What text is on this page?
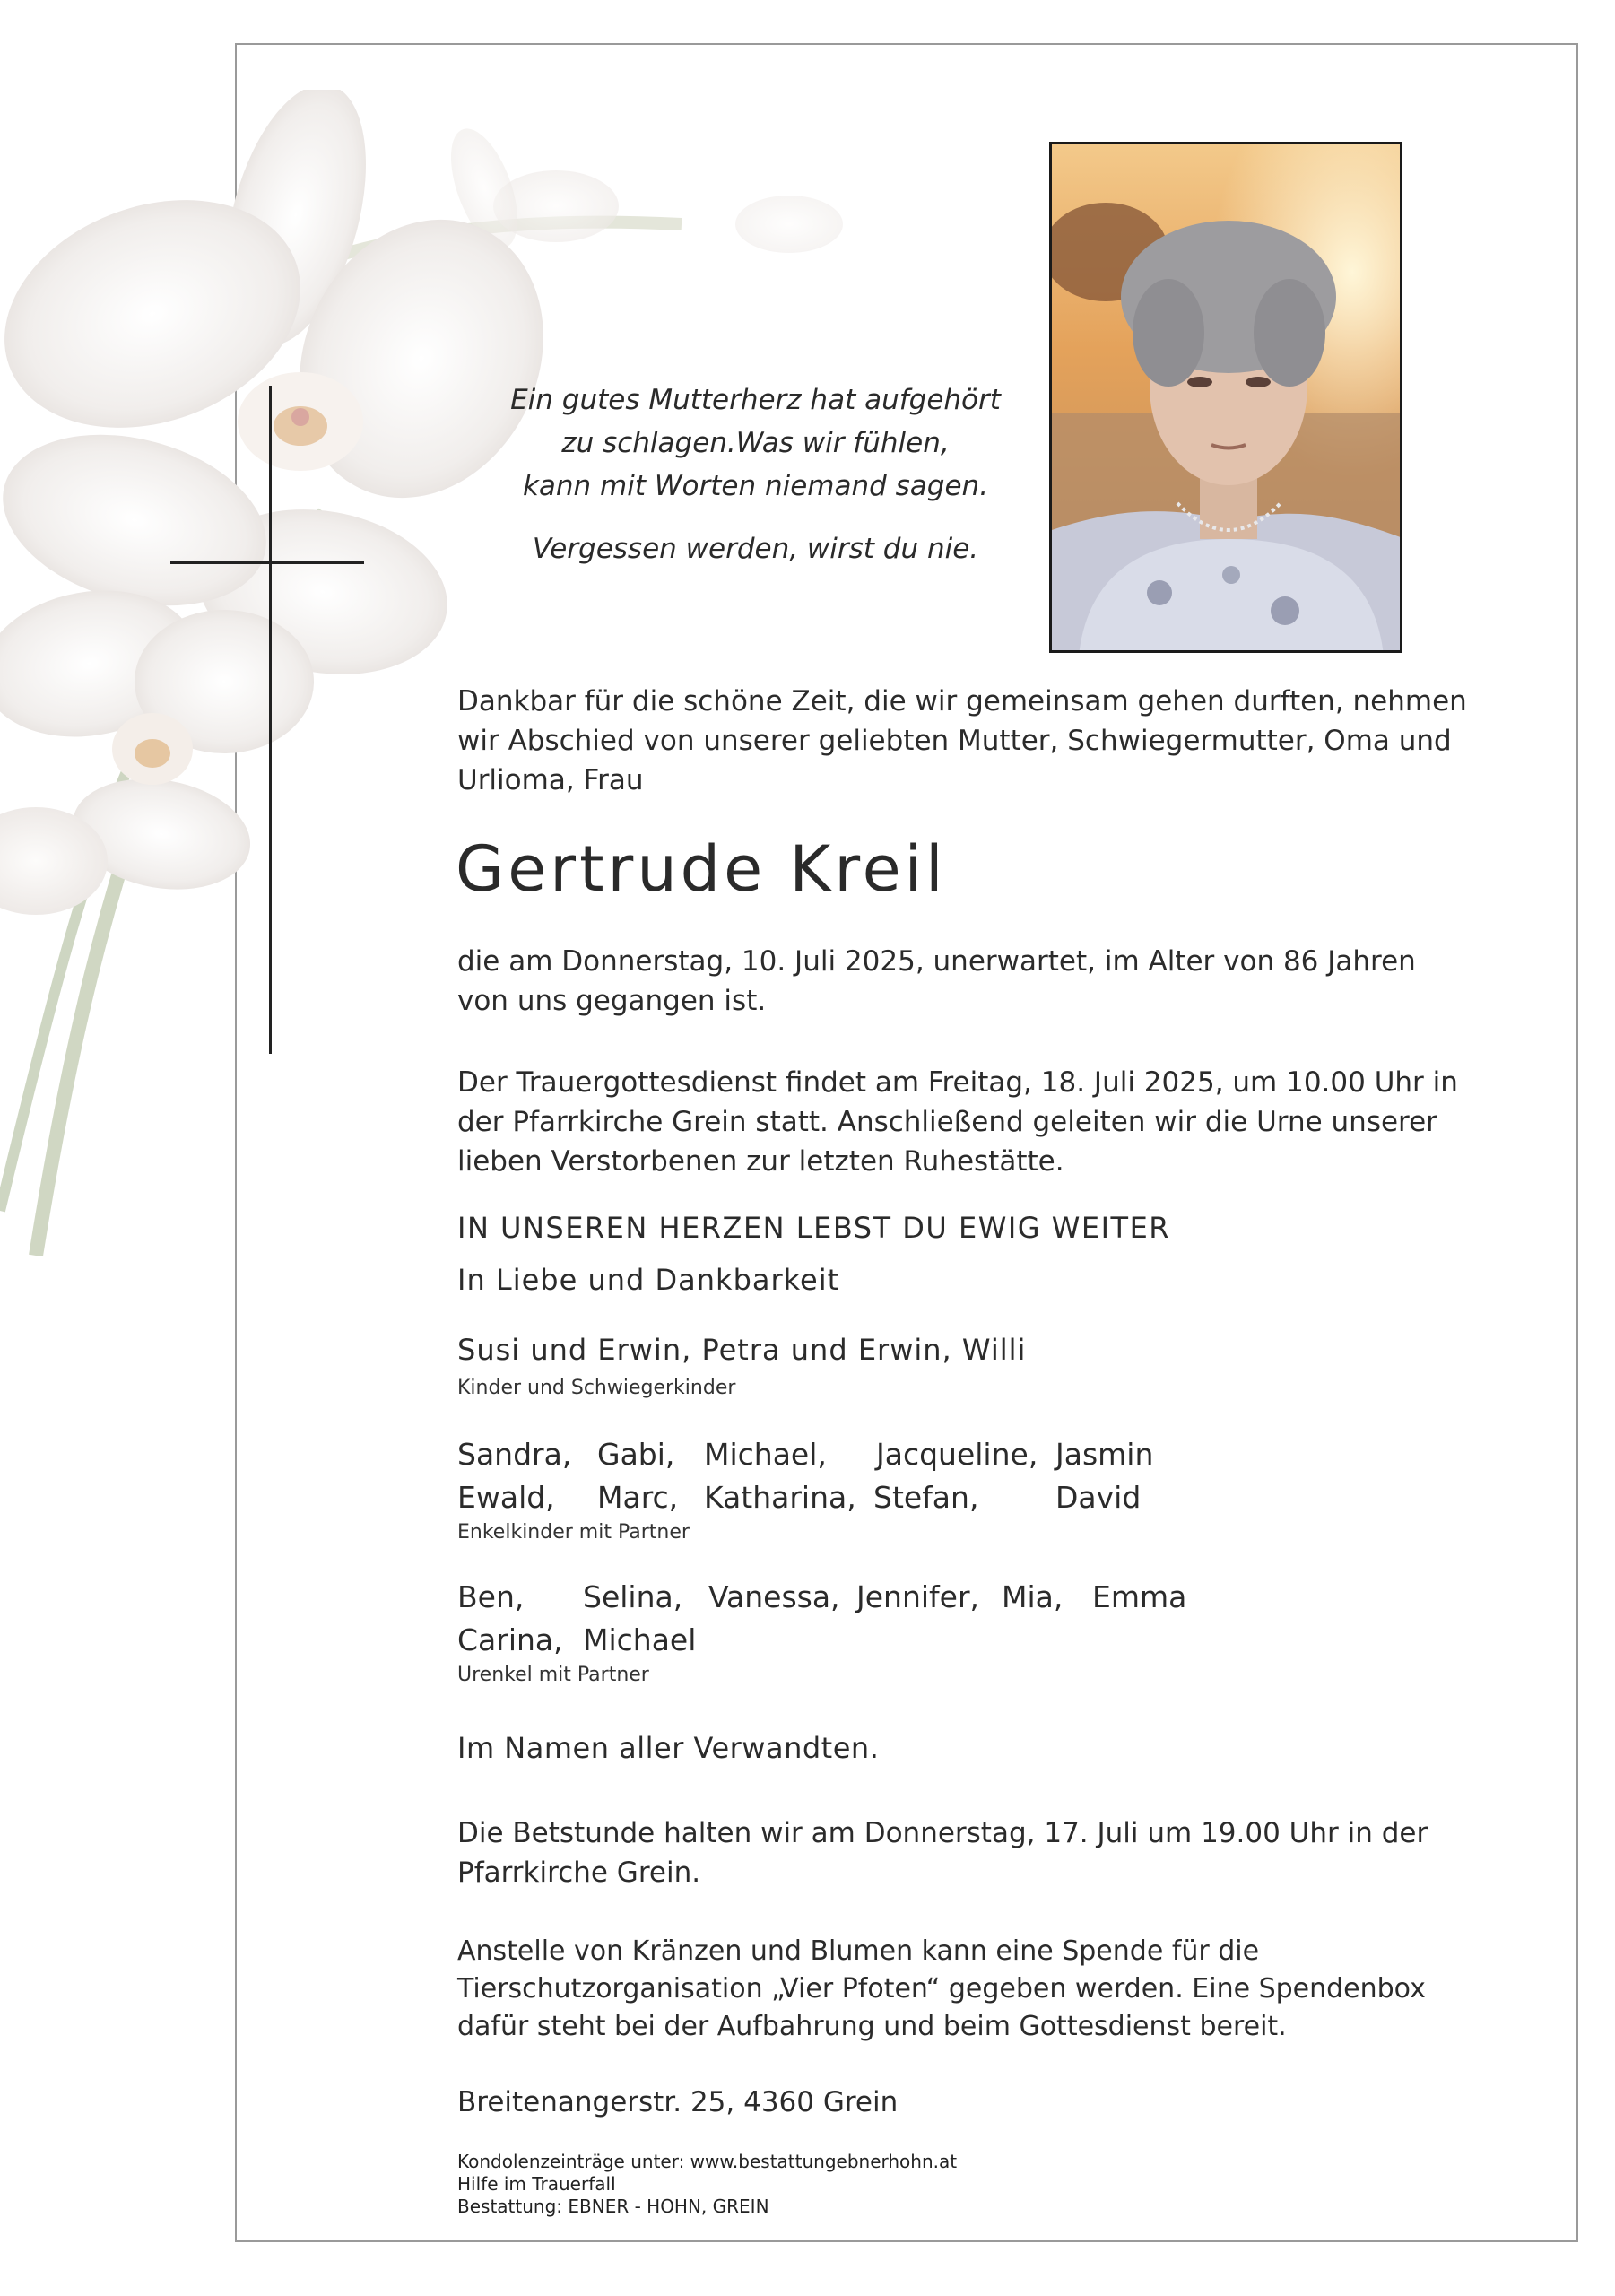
Ein gutes Mutterherz hat aufgehört

zu schlagen.Was wir fühlen,

kann mit Worten niemand sagen.

Vergessen werden, wirst du nie.

Dankbar für die schöne Zeit, die wir gemeinsam gehen durften, nehmen wir Abschied von unserer geliebten Mutter, Schwiegermutter, Oma und Urlioma, Frau

Gertrude Kreil

die am Donnerstag, 10. Juli 2025, unerwartet, im Alter von 86 Jahren von uns gegangen ist.

Der Trauergottesdienst findet am Freitag, 18. Juli 2025, um 10.00 Uhr in der Pfarrkirche Grein statt. Anschließend geleiten wir die Urne unserer lieben Verstorbenen zur letzten Ruhestätte.

IN UNSEREN HERZEN LEBST DU EWIG WEITER
In Liebe und Dankbarkeit
Susi und Erwin, Petra und Erwin, Willi
Kinder und Schwiegerkinder
Sandra, Gabi, Michael, Jacqueline, Jasmin
Ewald, Marc, Katharina, Stefan,	David
Enkelkinder mit Partner
Ben, Selina, Vanessa, Jennifer, Mia, Emma
Carina, Michael
Urenkel mit Partner
Im Namen aller Verwandten.

Die Betstunde halten wir am Donnerstag, 17. Juli um 19.00 Uhr in der Pfarrkirche Grein.

Anstelle von Kränzen und Blumen kann eine Spende für die Tierschutzorganisation „Vier Pfoten“ gegeben werden. Eine Spendenbox dafür steht bei der Aufbahrung und beim Gottesdienst bereit.

Breitenangerstr. 25, 4360 Grein

Kondolenzeinträge unter: www.bestattungebnerhohn.at
Hilfe im Trauerfall
Bestattung: EBNER - HOHN, GREIN
